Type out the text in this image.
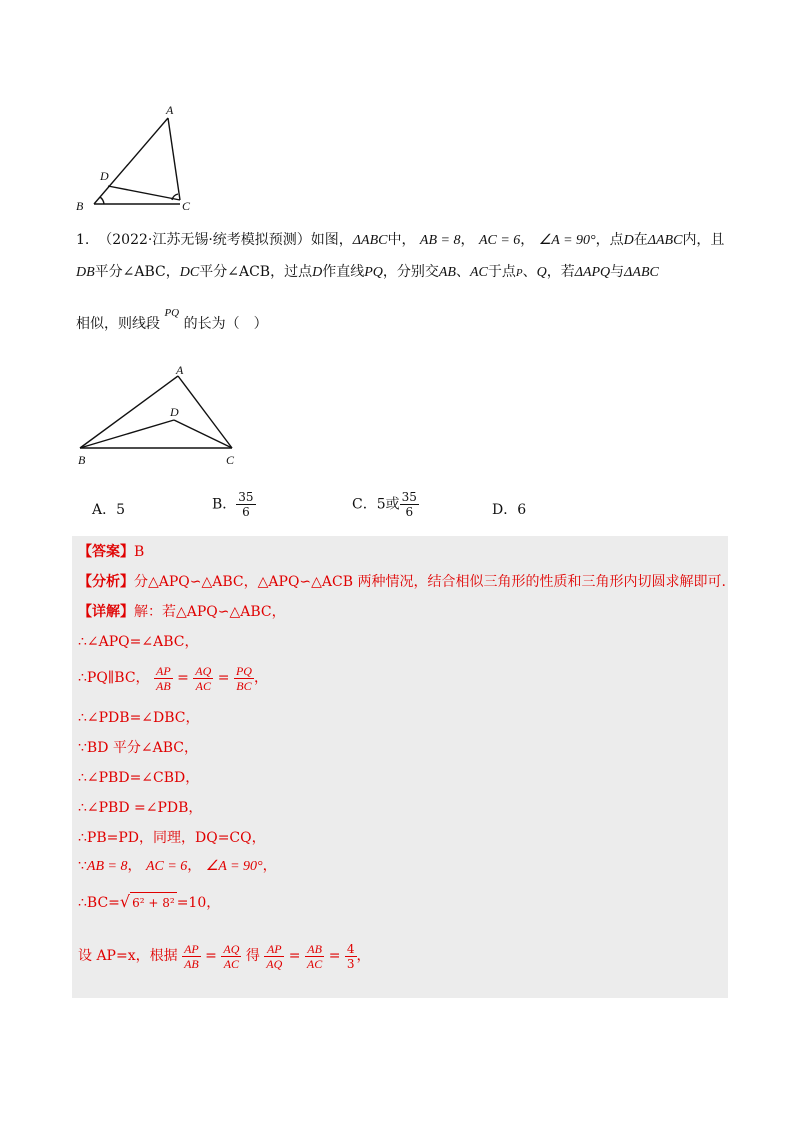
A
B	C
D
1. （2022·江苏无锡·统考模拟预测）如图，ΔABC中， AB = 8， AC = 6， ∠A = 90°，点D在ΔABC内，且
DB平分∠ABC，DC平分∠ACB，过点D作直线PQ，分别交AB、AC于点P、Q，若ΔAPQ与ΔABC
相似，则线段 $^{PQ}$ 的长为（　）
A
B	C
D
A．5	B． $\frac{35}{6}$	C．5或 $\frac{35}{6}$	D．6
【答案】B
【分析】分△APQ∽△ABC，△APQ∽△ACB 两种情况，结合相似三角形的性质和三角形内切圆求解即可.
【详解】解：若△APQ∽△ABC，
∴∠APQ=∠ABC，
∴PQ∥BC， $\frac{AP}{AB} = \frac{AQ}{AC} = \frac{PQ}{BC}$ ，
∴∠PDB=∠DBC，
∵BD 平分∠ABC，
∴∠PBD=∠CBD，
∴∠PBD =∠PDB，
∴PB=PD，同理，DQ=CQ，
∵AB = 8， AC = 6， ∠A = 90°，
∴BC=√ 6² + 8² =10，
设 AP=x，根据 $\frac{AP}{AB} = \frac{AQ}{AC}$ 得 $\frac{AP}{AQ} = \frac{AB}{AC} = \frac{4}{3}$ ，
